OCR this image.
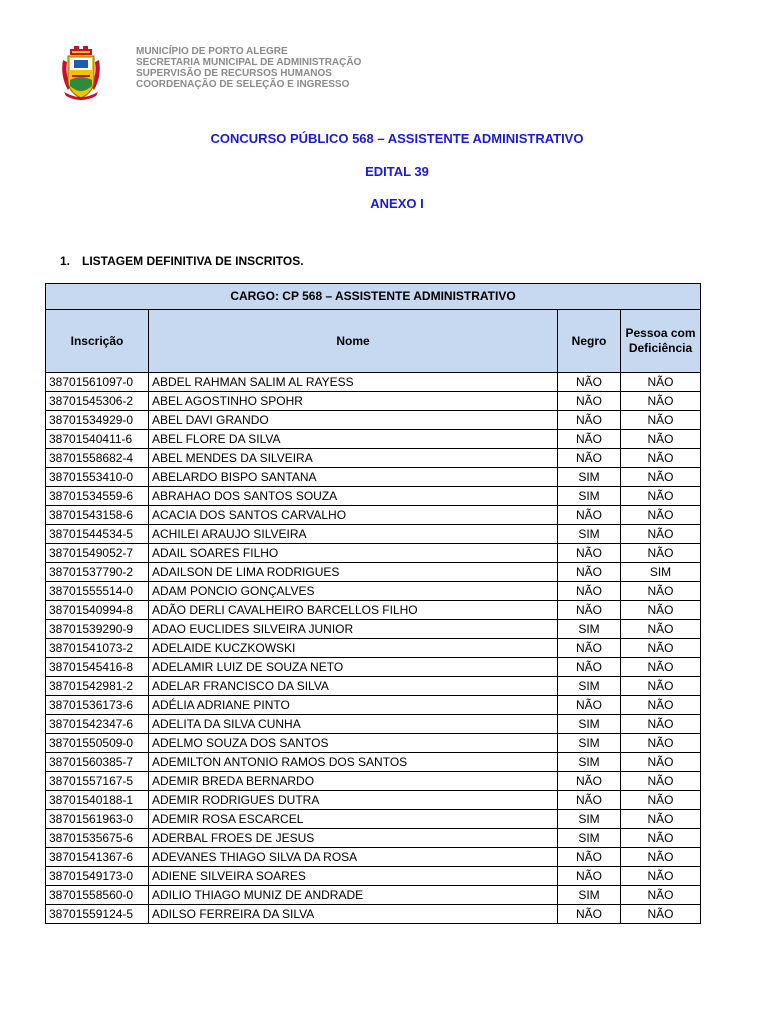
MUNICÍPIO DE PORTO ALEGRE
SECRETARIA MUNICIPAL DE ADMINISTRAÇÃO
SUPERVISÃO DE RECURSOS HUMANOS
COORDENAÇÃO DE SELEÇÃO E INGRESSO
CONCURSO PÚBLICO 568 – ASSISTENTE ADMINISTRATIVO
EDITAL 39
ANEXO I
1. LISTAGEM DEFINITIVA DE INSCRITOS.
CARGO: CP 568 – ASSISTENTE ADMINISTRATIVO			
Inscrição	Nome	Negro	Pessoa com Deficiência
38701561097-0	ABDEL RAHMAN SALIM AL RAYESS	NÃO	NÃO
38701545306-2	ABEL AGOSTINHO SPOHR	NÃO	NÃO
38701534929-0	ABEL DAVI GRANDO	NÃO	NÃO
38701540411-6	ABEL FLORE DA SILVA	NÃO	NÃO
38701558682-4	ABEL MENDES DA SILVEIRA	NÃO	NÃO
38701553410-0	ABELARDO BISPO SANTANA	SIM	NÃO
38701534559-6	ABRAHAO DOS SANTOS SOUZA	SIM	NÃO
38701543158-6	ACACIA DOS SANTOS CARVALHO	NÃO	NÃO
38701544534-5	ACHILEI ARAUJO SILVEIRA	SIM	NÃO
38701549052-7	ADAIL SOARES FILHO	NÃO	NÃO
38701537790-2	ADAILSON DE LIMA RODRIGUES	NÃO	SIM
38701555514-0	ADAM PONCIO GONÇALVES	NÃO	NÃO
38701540994-8	ADÃO DERLI CAVALHEIRO BARCELLOS FILHO	NÃO	NÃO
38701539290-9	ADAO EUCLIDES SILVEIRA JUNIOR	SIM	NÃO
38701541073-2	ADELAIDE KUCZKOWSKI	NÃO	NÃO
38701545416-8	ADELAMIR LUIZ DE SOUZA NETO	NÃO	NÃO
38701542981-2	ADELAR FRANCISCO DA SILVA	SIM	NÃO
38701536173-6	ADÉLIA ADRIANE PINTO	NÃO	NÃO
38701542347-6	ADELITA DA SILVA CUNHA	SIM	NÃO
38701550509-0	ADELMO SOUZA DOS SANTOS	SIM	NÃO
38701560385-7	ADEMILTON ANTONIO RAMOS DOS SANTOS	SIM	NÃO
38701557167-5	ADEMIR BREDA BERNARDO	NÃO	NÃO
38701540188-1	ADEMIR RODRIGUES DUTRA	NÃO	NÃO
38701561963-0	ADEMIR ROSA ESCARCEL	SIM	NÃO
38701535675-6	ADERBAL FROES DE JESUS	SIM	NÃO
38701541367-6	ADEVANES THIAGO SILVA DA ROSA	NÃO	NÃO
38701549173-0	ADIENE SILVEIRA SOARES	NÃO	NÃO
38701558560-0	ADILIO THIAGO MUNIZ DE ANDRADE	SIM	NÃO
38701559124-5	ADILSO FERREIRA DA SILVA	NÃO	NÃO
